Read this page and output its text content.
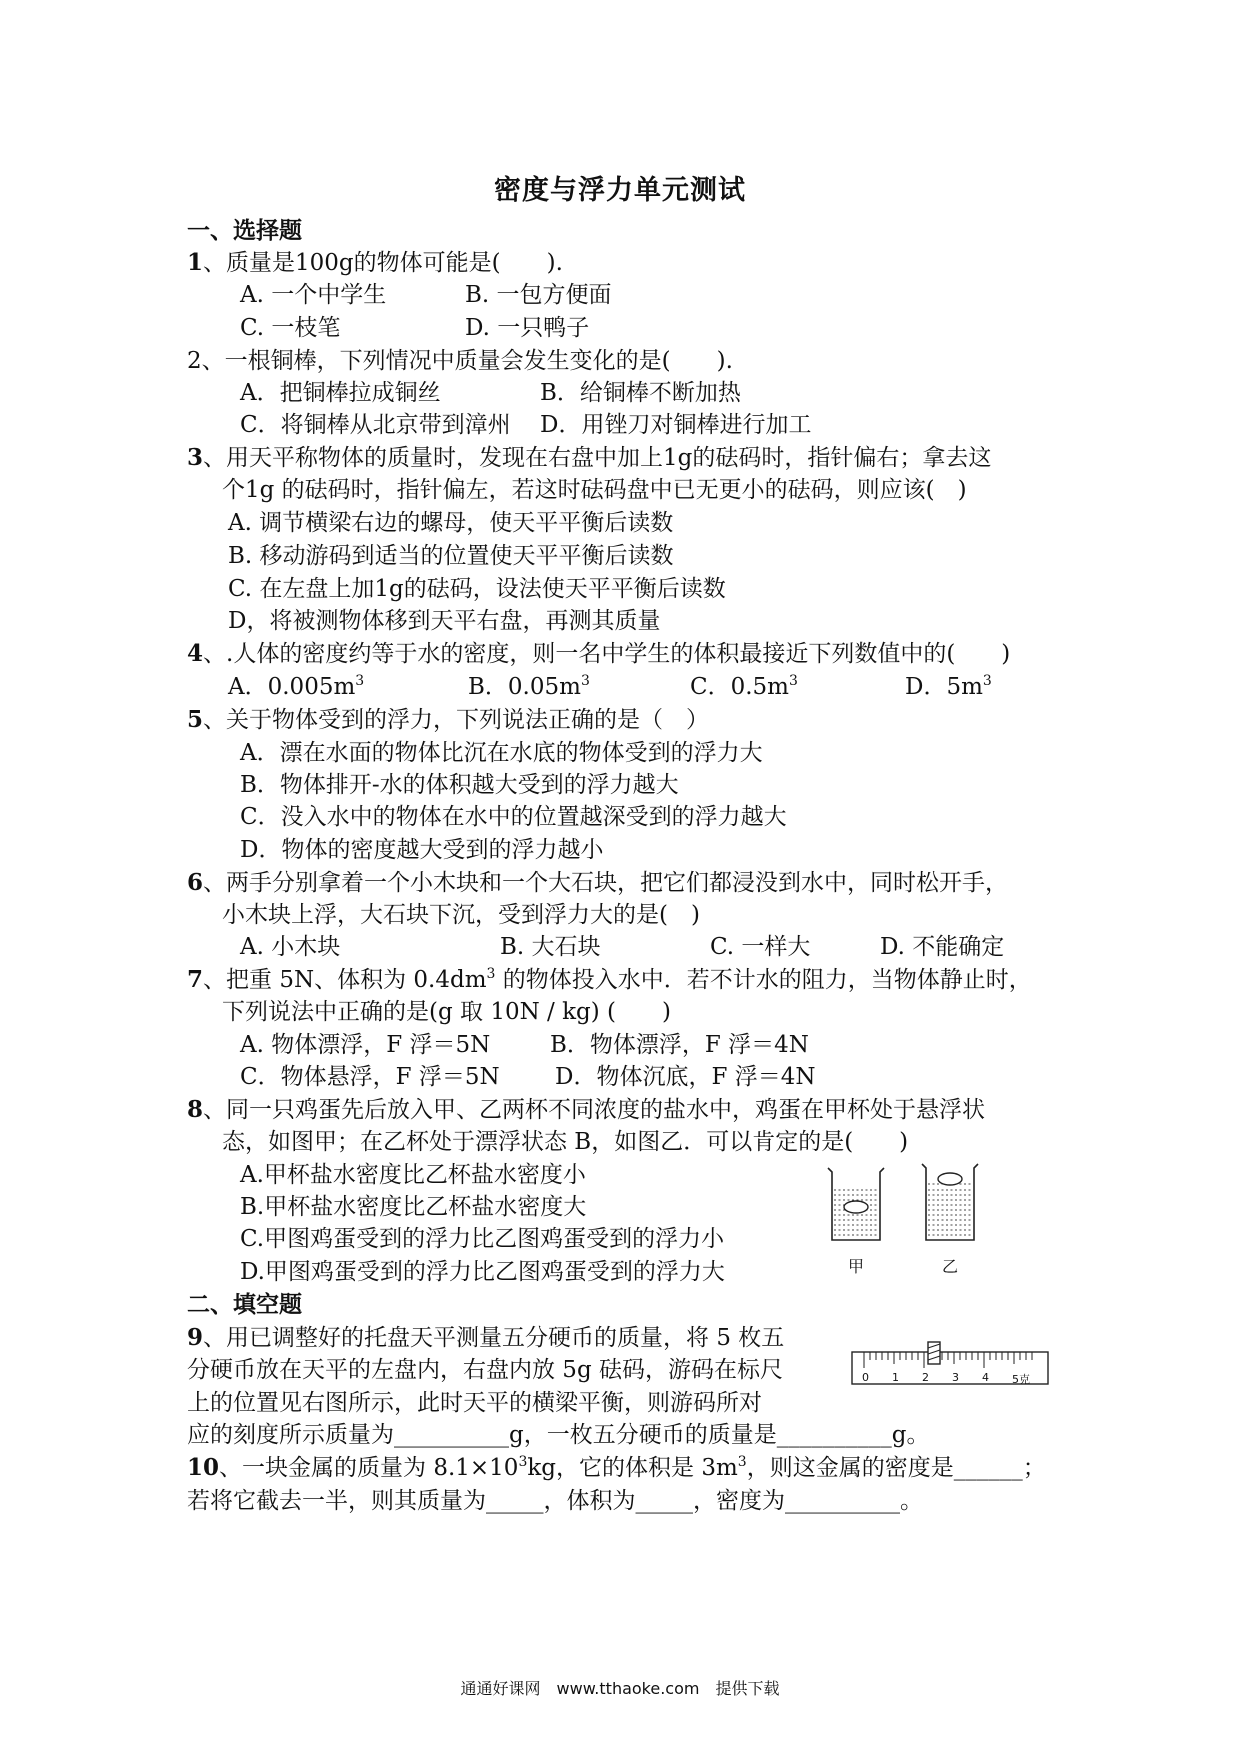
密度与浮力单元测试
一、选择题
1、质量是100g的物体可能是(　　).
A. 一个中学生	B. 一包方便面
C. 一枝笔	D. 一只鸭子
2、一根铜棒，下列情况中质量会发生变化的是(　　).
A．把铜棒拉成铜丝	B．给铜棒不断加热
C．将铜棒从北京带到漳州 D．用锉刀对铜棒进行加工
3、用天平称物体的质量时，发现在右盘中加上1g的砝码时，指针偏右；拿去这
个1g 的砝码时，指针偏左，若这时砝码盘中已无更小的砝码，则应该(　)
A. 调节横梁右边的螺母，使天平平衡后读数
B. 移动游码到适当的位置使天平平衡后读数
C. 在左盘上加1g的砝码，设法使天平平衡后读数
D，将被测物体移到天平右盘，再测其质量
4、.人体的密度约等于水的密度，则一名中学生的体积最接近下列数值中的(　　)
A．$0.005m^3$	B．$0.05m^3$	C．$0.5m^3$	D．$5m^3$
5、关于物体受到的浮力，下列说法正确的是（　）
A．漂在水面的物体比沉在水底的物体受到的浮力大
B．物体排开-水的体积越大受到的浮力越大
C．没入水中的物体在水中的位置越深受到的浮力越大
D．物体的密度越大受到的浮力越小
6、两手分别拿着一个小木块和一个大石块，把它们都浸没到水中，同时松开手，
小木块上浮，大石块下沉，受到浮力大的是(　)
A. 小木块	B. 大石块	C. 一样大	D. 不能确定
7、把重 5N、体积为 $0.4dm^3$ 的物体投入水中．若不计水的阻力，当物体静止时，
下列说法中正确的是(g 取 10N / kg) (　　)
A. 物体漂浮，F 浮＝5N	B．物体漂浮，F 浮＝4N
C．物体悬浮，F 浮＝5N D．物体沉底，F 浮＝4N
8、同一只鸡蛋先后放入甲、乙两杯不同浓度的盐水中，鸡蛋在甲杯处于悬浮状
态，如图甲；在乙杯处于漂浮状态 B，如图乙．可以肯定的是(　　)
A.甲杯盐水密度比乙杯盐水密度小
B.甲杯盐水密度比乙杯盐水密度大
C.甲图鸡蛋受到的浮力比乙图鸡蛋受到的浮力小
D.甲图鸡蛋受到的浮力比乙图鸡蛋受到的浮力大	甲	乙
二、填空题
9、用已调整好的托盘天平测量五分硬币的质量，将 5 枚五
分硬币放在天平的左盘内，右盘内放 5g 砝码，游码在标尺
上的位置见右图所示，此时天平的横梁平衡，则游码所对
应的刻度所示质量为__________g，一枚五分硬币的质量是__________g。
0 1 2 3 4 5克
10、一块金属的质量为 $8.1\times 10^3kg$，它的体积是 $3m^3$，则这金属的密度是______；
若将它截去一半，则其质量为_____，体积为_____，密度为__________。
通通好课网　www.tthaoke.com　提供下载
